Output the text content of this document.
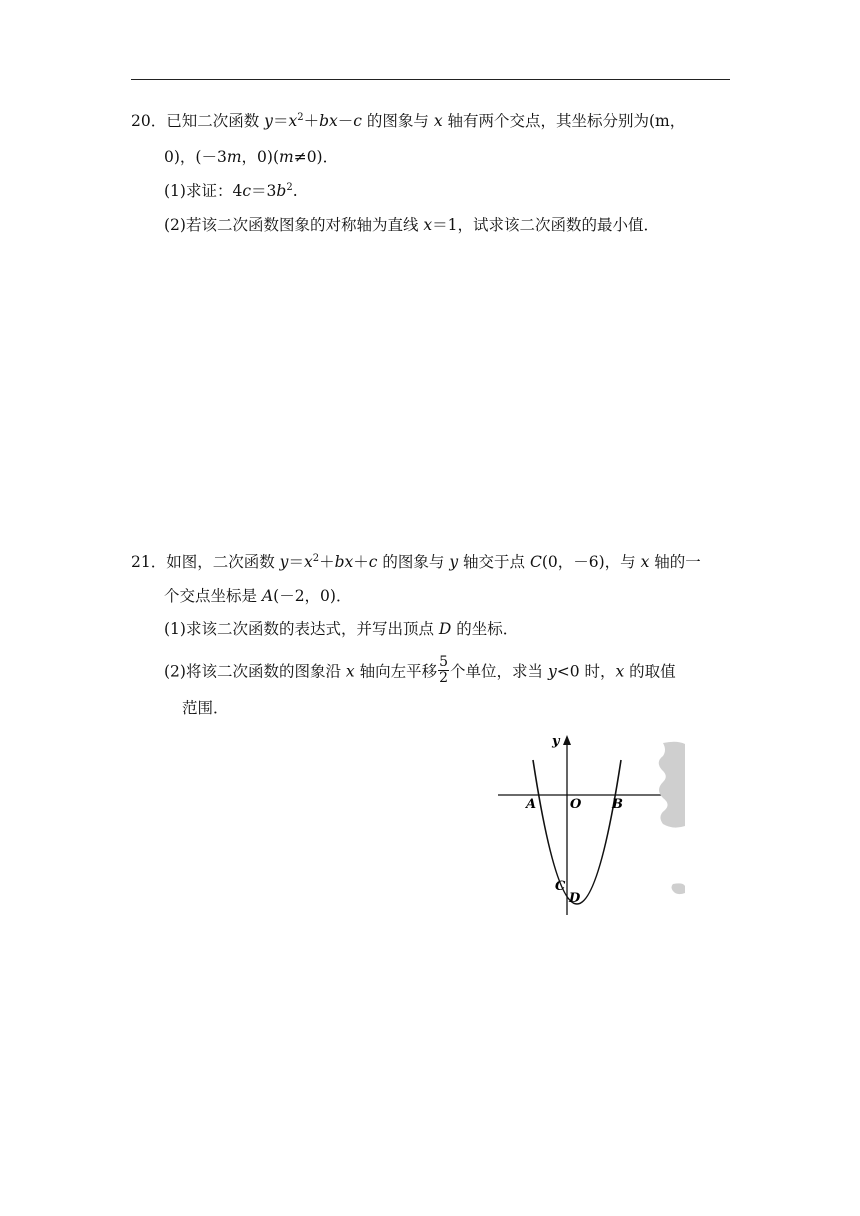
20．已知二次函数 $y=x^2+bx-c$ 的图象与 x 轴有两个交点，其坐标分别为(m，
0)，(－3m，0)(m≠0)．
(1)求证：$4c=3b^2$.
(2)若该二次函数图象的对称轴为直线 x＝1，试求该二次函数的最小值．
21．如图，二次函数 $y=x^2+bx+c$ 的图象与 y 轴交于点 C(0，－6)，与 x 轴的一
个交点坐标是 A(－2，0)．
(1)求该二次函数的表达式，并写出顶点 D 的坐标．
(2)将该二次函数的图象沿 x 轴向左平移 $\frac{5}{2}$ 个单位，求当 y<0 时，x 的取值
范围．
y
A	O B
C
D
